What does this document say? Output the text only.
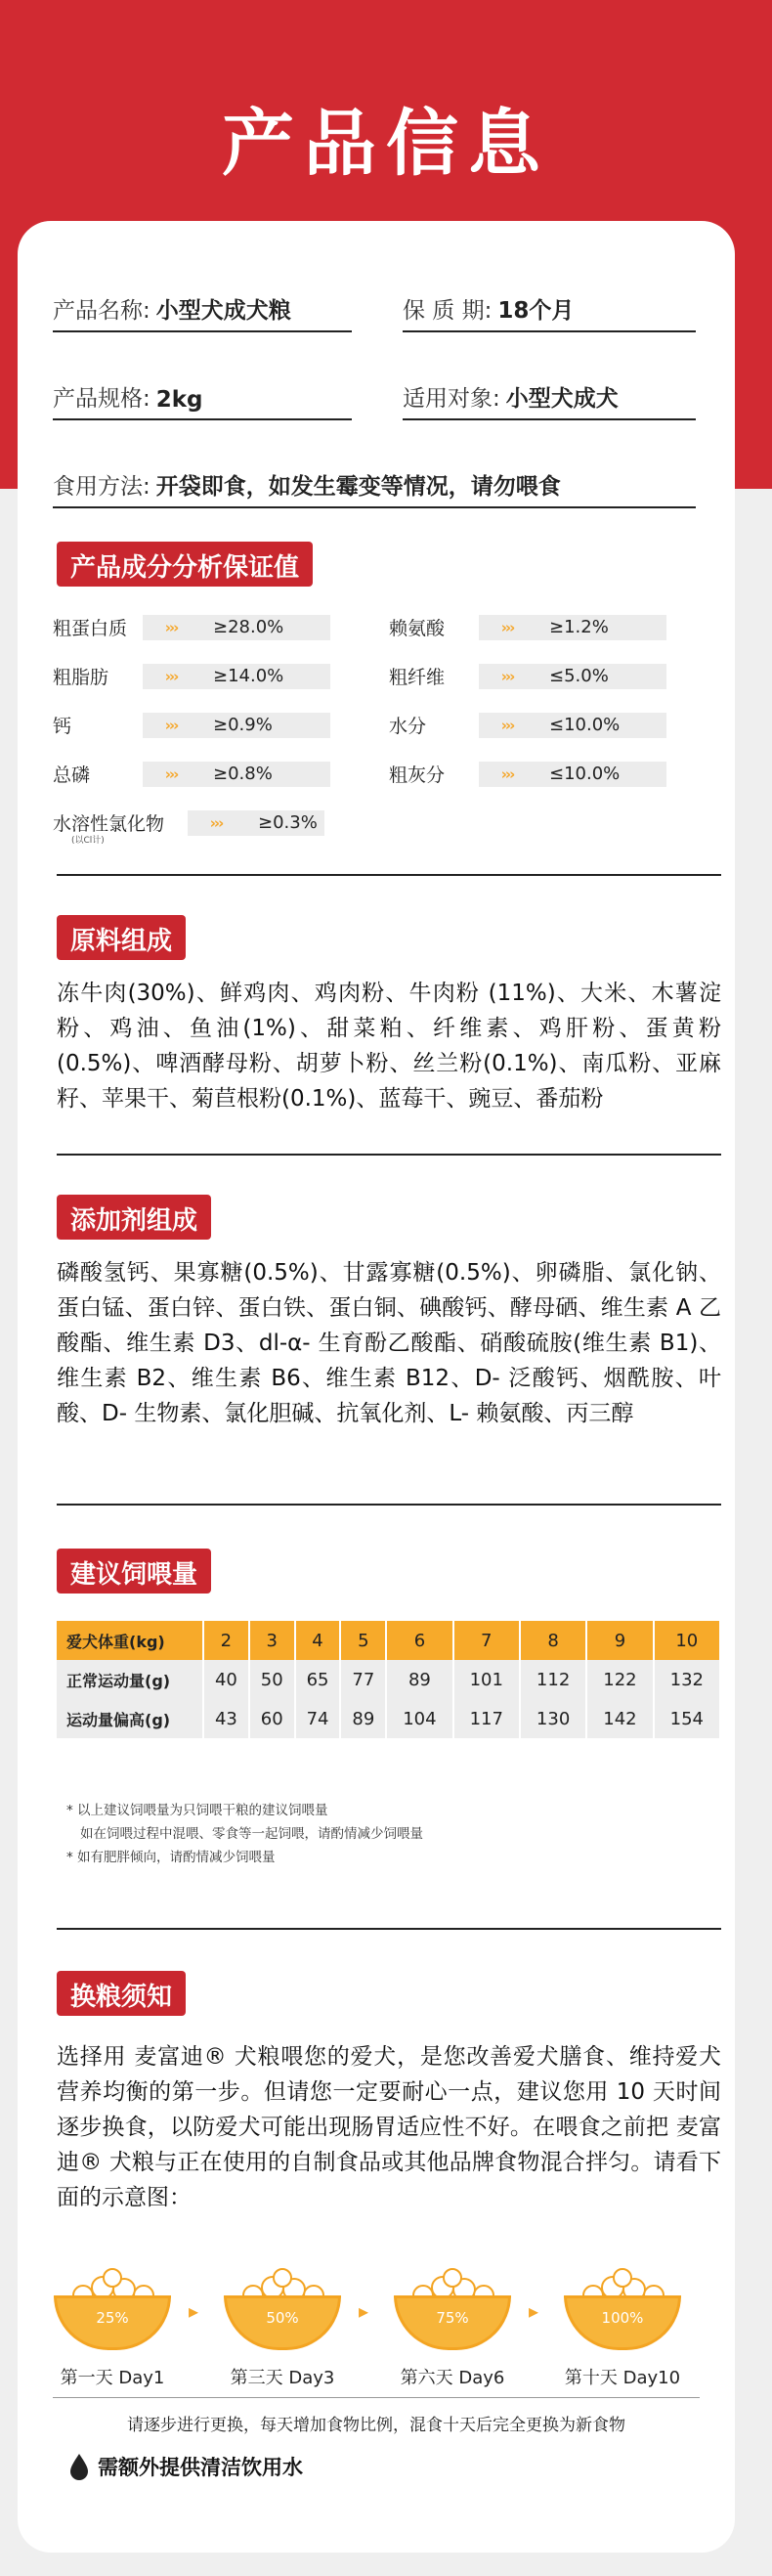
产品信息
产品名称: 小型犬成犬粮	保 质 期: 18个月
产品规格: 2kg	适用对象: 小型犬成犬
食用方法: 开袋即食，如发生霉变等情况，请勿喂食
产品成分分析保证值
粗蛋白质	›››	≥28.0%
粗脂肪	›››	≥14.0%
钙	›››	≥0.9%
总磷	›››	≥0.8%
水溶性氯化物	›››	≥0.3%
(以Cl计)
赖氨酸	›››	≥1.2%
粗纤维	›››	≤5.0%
水分	›››	≤10.0%
粗灰分	›››	≤10.0%
原料组成
冻牛肉(30%)、鲜鸡肉、鸡肉粉、牛肉粉 (11%)、大米、木薯淀粉、鸡油、鱼油(1%)、甜菜粕、纤维素、鸡肝粉、蛋黄粉(0.5%)、啤酒酵母粉、胡萝卜粉、丝兰粉(0.1%)、南瓜粉、亚麻籽、苹果干、菊苣根粉(0.1%)、蓝莓干、豌豆、番茄粉
添加剂组成
磷酸氢钙、果寡糖(0.5%)、甘露寡糖(0.5%)、卵磷脂、氯化钠、蛋白锰、蛋白锌、蛋白铁、蛋白铜、碘酸钙、酵母硒、维生素 A 乙酸酯、维生素 D3、dl-α- 生育酚乙酸酯、硝酸硫胺(维生素 B1)、维生素 B2、维生素 B6、维生素 B12、D- 泛酸钙、烟酰胺、叶酸、D- 生物素、氯化胆碱、抗氧化剂、L- 赖氨酸、丙三醇
建议饲喂量
爱犬体重(kg)	2	3	4	5	6	7	8	9	10
正常运动量(g)	40	50	65	77	89	101	112	122	132
运动量偏高(g)	43	60	74	89	104	117	130	142	154
* 以上建议饲喂量为只饲喂干粮的建议饲喂量
如在饲喂过程中混喂、零食等一起饲喂，请酌情减少饲喂量
* 如有肥胖倾向，请酌情减少饲喂量
换粮须知
选择用 麦富迪® 犬粮喂您的爱犬，是您改善爱犬膳食、维持爱犬营养均衡的第一步。但请您一定要耐心一点，建议您用 10 天时间逐步换食，以防爱犬可能出现肠胃适应性不好。在喂食之前把 麦富迪® 犬粮与正在使用的自制食品或其他品牌食物混合拌匀。请看下面的示意图：
25%
第一天 Day1
▸	50%
第三天 Day3
▸	75%
第六天 Day6
▸	100%
第十天 Day10
请逐步进行更换，每天增加食物比例，混食十天后完全更换为新食物
需额外提供清洁饮用水
